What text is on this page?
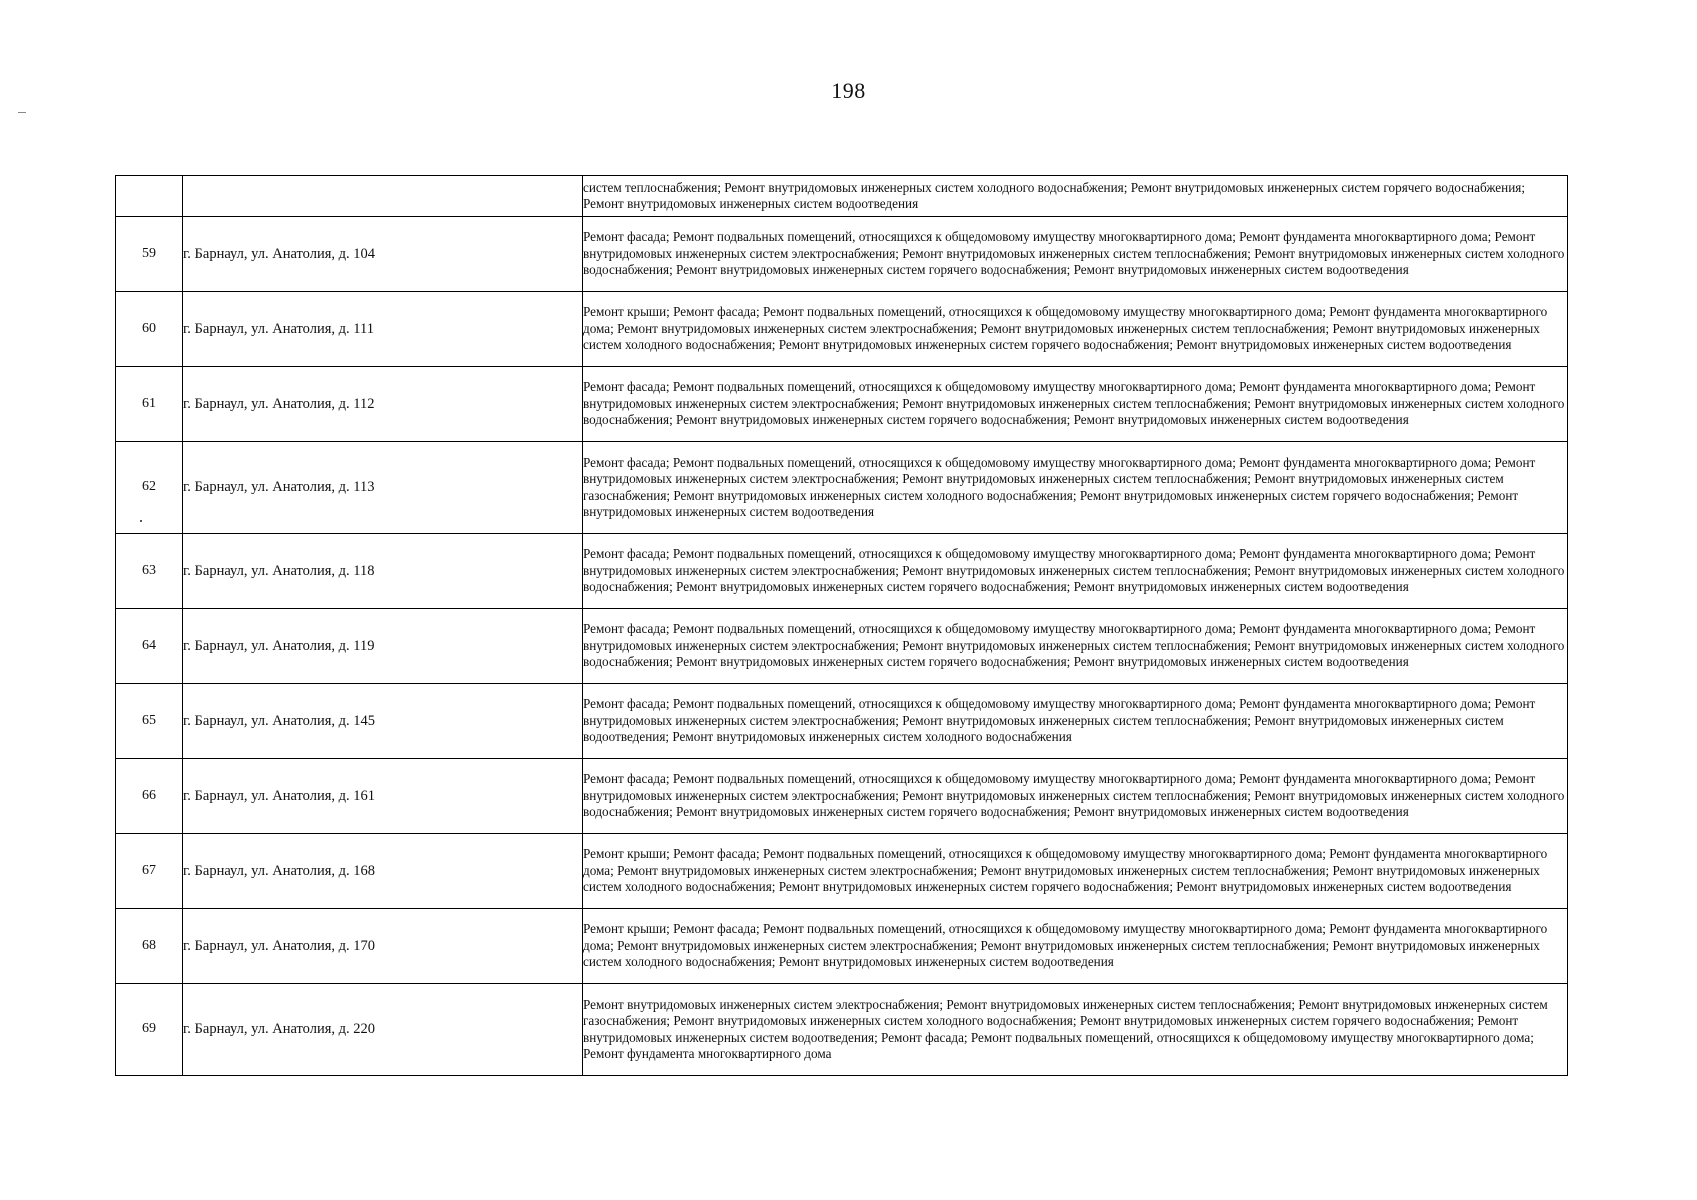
198

		систем теплоснабжения; Ремонт внутридомовых инженерных систем холодного водоснабжения; Ремонт внутридомовых инженерных систем горячего водоснабжения; Ремонт внутридомовых инженерных систем водоотведения

59	г. Барнаул, ул. Анатолия, д. 104	Ремонт фасада; Ремонт подвальных помещений, относящихся к общедомовому имуществу многоквартирного дома; Ремонт фундамента многоквартирного дома; Ремонт внутридомовых инженерных систем электроснабжения; Ремонт внутридомовых инженерных систем теплоснабжения; Ремонт внутридомовых инженерных систем холодного водоснабжения; Ремонт внутридомовых инженерных систем горячего водоснабжения; Ремонт внутридомовых инженерных систем водоотведения

60	г. Барнаул, ул. Анатолия, д. 111	Ремонт крыши; Ремонт фасада; Ремонт подвальных помещений, относящихся к общедомовому имуществу многоквартирного дома; Ремонт фундамента многоквартирного дома; Ремонт внутридомовых инженерных систем электроснабжения; Ремонт внутридомовых инженерных систем теплоснабжения; Ремонт внутридомовых инженерных систем холодного водоснабжения; Ремонт внутридомовых инженерных систем горячего водоснабжения; Ремонт внутридомовых инженерных систем водоотведения

61	г. Барнаул, ул. Анатолия, д. 112	Ремонт фасада; Ремонт подвальных помещений, относящихся к общедомовому имуществу многоквартирного дома; Ремонт фундамента многоквартирного дома; Ремонт внутридомовых инженерных систем электроснабжения; Ремонт внутридомовых инженерных систем теплоснабжения; Ремонт внутридомовых инженерных систем холодного водоснабжения; Ремонт внутридомовых инженерных систем горячего водоснабжения; Ремонт внутридомовых инженерных систем водоотведения

62	г. Барнаул, ул. Анатолия, д. 113	Ремонт фасада; Ремонт подвальных помещений, относящихся к общедомовому имуществу многоквартирного дома; Ремонт фундамента многоквартирного дома; Ремонт внутридомовых инженерных систем электроснабжения; Ремонт внутридомовых инженерных систем теплоснабжения; Ремонт внутридомовых инженерных систем газоснабжения; Ремонт внутридомовых инженерных систем холодного водоснабжения; Ремонт внутридомовых инженерных систем горячего водоснабжения; Ремонт внутридомовых инженерных систем водоотведения

63	г. Барнаул, ул. Анатолия, д. 118	Ремонт фасада; Ремонт подвальных помещений, относящихся к общедомовому имуществу многоквартирного дома; Ремонт фундамента многоквартирного дома; Ремонт внутридомовых инженерных систем электроснабжения; Ремонт внутридомовых инженерных систем теплоснабжения; Ремонт внутридомовых инженерных систем холодного водоснабжения; Ремонт внутридомовых инженерных систем горячего водоснабжения; Ремонт внутридомовых инженерных систем водоотведения

64	г. Барнаул, ул. Анатолия, д. 119	Ремонт фасада; Ремонт подвальных помещений, относящихся к общедомовому имуществу многоквартирного дома; Ремонт фундамента многоквартирного дома; Ремонт внутридомовых инженерных систем электроснабжения; Ремонт внутридомовых инженерных систем теплоснабжения; Ремонт внутридомовых инженерных систем холодного водоснабжения; Ремонт внутридомовых инженерных систем горячего водоснабжения; Ремонт внутридомовых инженерных систем водоотведения

65	г. Барнаул, ул. Анатолия, д. 145	Ремонт фасада; Ремонт подвальных помещений, относящихся к общедомовому имуществу многоквартирного дома; Ремонт фундамента многоквартирного дома; Ремонт внутридомовых инженерных систем электроснабжения; Ремонт внутридомовых инженерных систем теплоснабжения; Ремонт внутридомовых инженерных систем водоотведения; Ремонт внутридомовых инженерных систем холодного водоснабжения

66	г. Барнаул, ул. Анатолия, д. 161	Ремонт фасада; Ремонт подвальных помещений, относящихся к общедомовому имуществу многоквартирного дома; Ремонт фундамента многоквартирного дома; Ремонт внутридомовых инженерных систем электроснабжения; Ремонт внутридомовых инженерных систем теплоснабжения; Ремонт внутридомовых инженерных систем холодного водоснабжения; Ремонт внутридомовых инженерных систем горячего водоснабжения; Ремонт внутридомовых инженерных систем водоотведения

67	г. Барнаул, ул. Анатолия, д. 168	Ремонт крыши; Ремонт фасада; Ремонт подвальных помещений, относящихся к общедомовому имуществу многоквартирного дома; Ремонт фундамента многоквартирного дома; Ремонт внутридомовых инженерных систем электроснабжения; Ремонт внутридомовых инженерных систем теплоснабжения; Ремонт внутридомовых инженерных систем холодного водоснабжения; Ремонт внутридомовых инженерных систем горячего водоснабжения; Ремонт внутридомовых инженерных систем водоотведения

68	г. Барнаул, ул. Анатолия, д. 170	Ремонт крыши; Ремонт фасада; Ремонт подвальных помещений, относящихся к общедомовому имуществу многоквартирного дома; Ремонт фундамента многоквартирного дома; Ремонт внутридомовых инженерных систем электроснабжения; Ремонт внутридомовых инженерных систем теплоснабжения; Ремонт внутридомовых инженерных систем холодного водоснабжения; Ремонт внутридомовых инженерных систем водоотведения

69	г. Барнаул, ул. Анатолия, д. 220	Ремонт внутридомовых инженерных систем электроснабжения; Ремонт внутридомовых инженерных систем теплоснабжения; Ремонт внутридомовых инженерных систем газоснабжения; Ремонт внутридомовых инженерных систем холодного водоснабжения; Ремонт внутридомовых инженерных систем горячего водоснабжения; Ремонт внутридомовых инженерных систем водоотведения; Ремонт фасада; Ремонт подвальных помещений, относящихся к общедомовому имуществу многоквартирного дома; Ремонт фундамента многоквартирного дома
